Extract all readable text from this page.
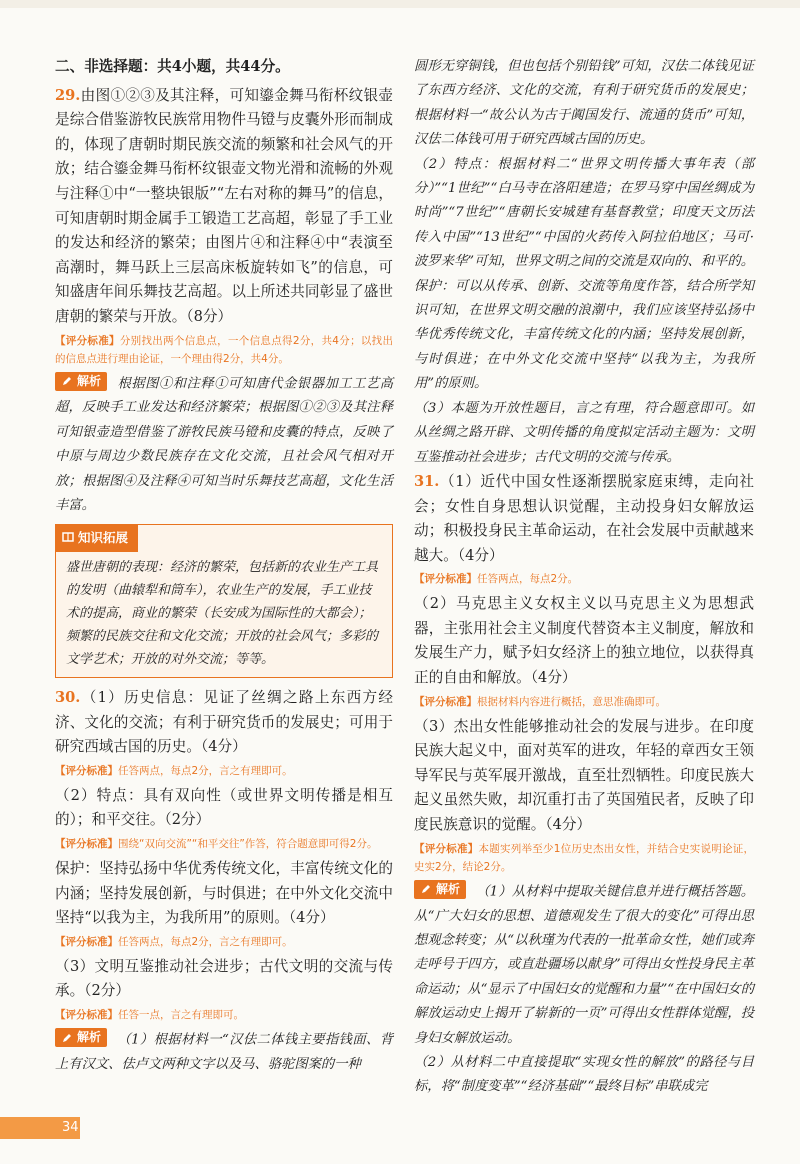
二、非选择题：共4小题，共44分。

29.由图①②③及其注释，可知鎏金舞马衔杯纹银壶是综合借鉴游牧民族常用物件马镫与皮囊外形而制成的，体现了唐朝时期民族交流的频繁和社会风气的开放；结合鎏金舞马衔杯纹银壶文物光滑和流畅的外观与注释①中“一整块银版”“左右对称的舞马”的信息，可知唐朝时期金属手工锻造工艺高超，彰显了手工业的发达和经济的繁荣；由图片④和注释④中“表演至高潮时，舞马跃上三层高床板旋转如飞”的信息，可知盛唐年间乐舞技艺高超。以上所述共同彰显了盛世唐朝的繁荣与开放。（8分）

【评分标准】分别找出两个信息点，一个信息点得2分，共4分；以找出的信息点进行理由论证，一个理由得2分，共4分。

解析 根据图①和注释①可知唐代金银器加工工艺高超，反映手工业发达和经济繁荣；根据图①②③及其注释可知银壶造型借鉴了游牧民族马镫和皮囊的特点，反映了中原与周边少数民族存在文化交流，且社会风气相对开放；根据图④及注释④可知当时乐舞技艺高超，文化生活丰富。

知识拓展
盛世唐朝的表现：经济的繁荣，包括新的农业生产工具的发明（曲辕犁和筒车），农业生产的发展，手工业技术的提高，商业的繁荣（长安成为国际性的大都会）；频繁的民族交往和文化交流；开放的社会风气；多彩的文学艺术；开放的对外交流；等等。

30.（1）历史信息：见证了丝绸之路上东西方经济、文化的交流；有利于研究货币的发展史；可用于研究西域古国的历史。（4分）

【评分标准】任答两点，每点2分，言之有理即可。

（2）特点：具有双向性（或世界文明传播是相互的）；和平交往。（2分）

【评分标准】围绕“双向交流”“和平交往”作答，符合题意即可得2分。

保护：坚持弘扬中华优秀传统文化，丰富传统文化的内涵；坚持发展创新，与时俱进；在中外文化交流中坚持“以我为主，为我所用”的原则。（4分）

【评分标准】任答两点，每点2分，言之有理即可。

（3）文明互鉴推动社会进步；古代文明的交流与传承。（2分）

【评分标准】任答一点，言之有理即可。

解析 （1）根据材料一“汉佉二体钱主要指钱面、背上有汉文、佉卢文两种文字以及马、骆驼图案的一种

圆形无穿铜钱，但也包括个别铅钱”可知，汉佉二体钱见证了东西方经济、文化的交流，有利于研究货币的发展史；根据材料一“故公认为古于阗国发行、流通的货币”可知，汉佉二体钱可用于研究西域古国的历史。

（2）特点：根据材料二“世界文明传播大事年表（部分）”“1世纪”“白马寺在洛阳建造；在罗马穿中国丝绸成为时尚”“7世纪”“唐朝长安城建有基督教堂；印度天文历法传入中国”“13世纪”“中国的火药传入阿拉伯地区；马可·波罗来华”可知，世界文明之间的交流是双向的、和平的。保护：可以从传承、创新、交流等角度作答，结合所学知识可知，在世界文明交融的浪潮中，我们应该坚持弘扬中华优秀传统文化，丰富传统文化的内涵；坚持发展创新，与时俱进；在中外文化交流中坚持“以我为主，为我所用”的原则。

（3）本题为开放性题目，言之有理，符合题意即可。如从丝绸之路开辟、文明传播的角度拟定活动主题为：文明互鉴推动社会进步；古代文明的交流与传承。

31.（1）近代中国女性逐渐摆脱家庭束缚，走向社会；女性自身思想认识觉醒，主动投身妇女解放运动；积极投身民主革命运动，在社会发展中贡献越来越大。（4分）

【评分标准】任答两点，每点2分。

（2）马克思主义女权主义以马克思主义为思想武器，主张用社会主义制度代替资本主义制度，解放和发展生产力，赋予妇女经济上的独立地位，以获得真正的自由和解放。（4分）

【评分标准】根据材料内容进行概括，意思准确即可。

（3）杰出女性能够推动社会的发展与进步。在印度民族大起义中，面对英军的进攻，年轻的章西女王领导军民与英军展开激战，直至壮烈牺牲。印度民族大起义虽然失败，却沉重打击了英国殖民者，反映了印度民族意识的觉醒。（4分）

【评分标准】本题实列举至少1位历史杰出女性，并结合史实说明论证，史实2分，结论2分。

解析 （1）从材料中提取关键信息并进行概括答题。从“广大妇女的思想、道德观发生了很大的变化”可得出思想观念转变；从“以秋瑾为代表的一批革命女性，她们或奔走呼号于四方，或直赴疆场以献身”可得出女性投身民主革命运动；从“显示了中国妇女的觉醒和力量”“在中国妇女的解放运动史上揭开了崭新的一页”可得出女性群体觉醒，投身妇女解放运动。

（2）从材料二中直接提取“实现女性的解放”的路径与目标，将“制度变革”“经济基础”“最终目标”串联成完

34
